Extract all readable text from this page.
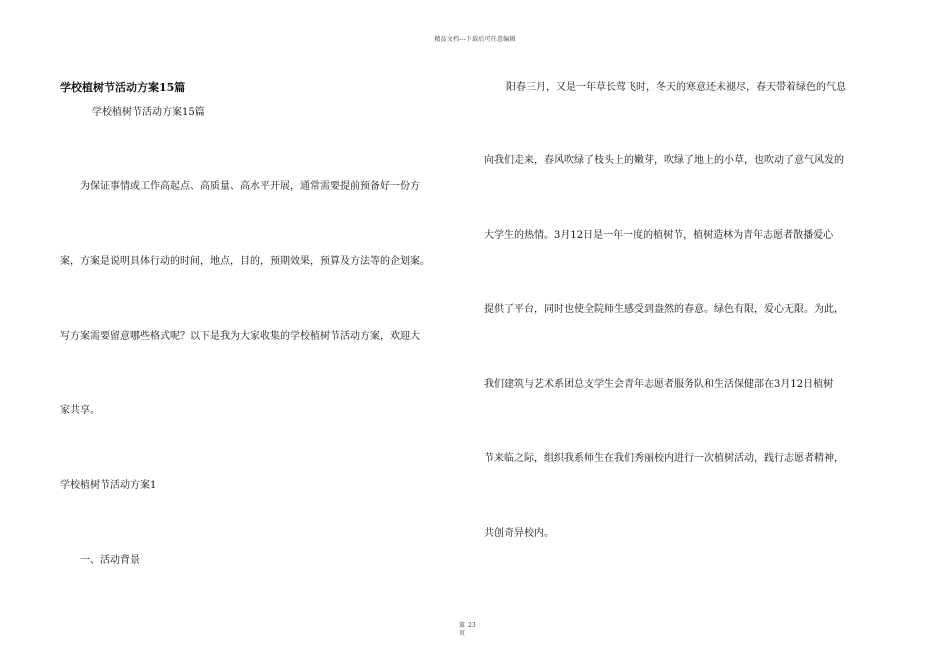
精品文档---下载后可任意编辑
学校植树节活动方案15篇
学校植树节活动方案15篇
为保证事情或工作高起点、高质量、高水平开展，通常需要提前预备好一份方
案，方案是说明具体行动的时间，地点，目的，预期效果，预算及方法等的企划案。
写方案需要留意哪些格式呢？以下是我为大家收集的学校植树节活动方案，欢迎大
家共享。
学校植树节活动方案1
一、活动背景
阳春三月，又是一年草长莺飞时，冬天的寒意还未褪尽，春天带着绿色的气息
向我们走来，春风吹绿了枝头上的嫩芽，吹绿了地上的小草，也吹动了意气风发的
大学生的热情。3月12日是一年一度的植树节，植树造林为青年志愿者散播爱心
提供了平台，同时也使全院师生感受到盎然的春意。绿色有限，爱心无限。为此，
我们建筑与艺术系团总支学生会青年志愿者服务队和生活保健部在3月12日植树
节来临之际，组织我系师生在我们秀丽校内进行一次植树活动，践行志愿者精神，
共创奇异校内。
第 23
页
